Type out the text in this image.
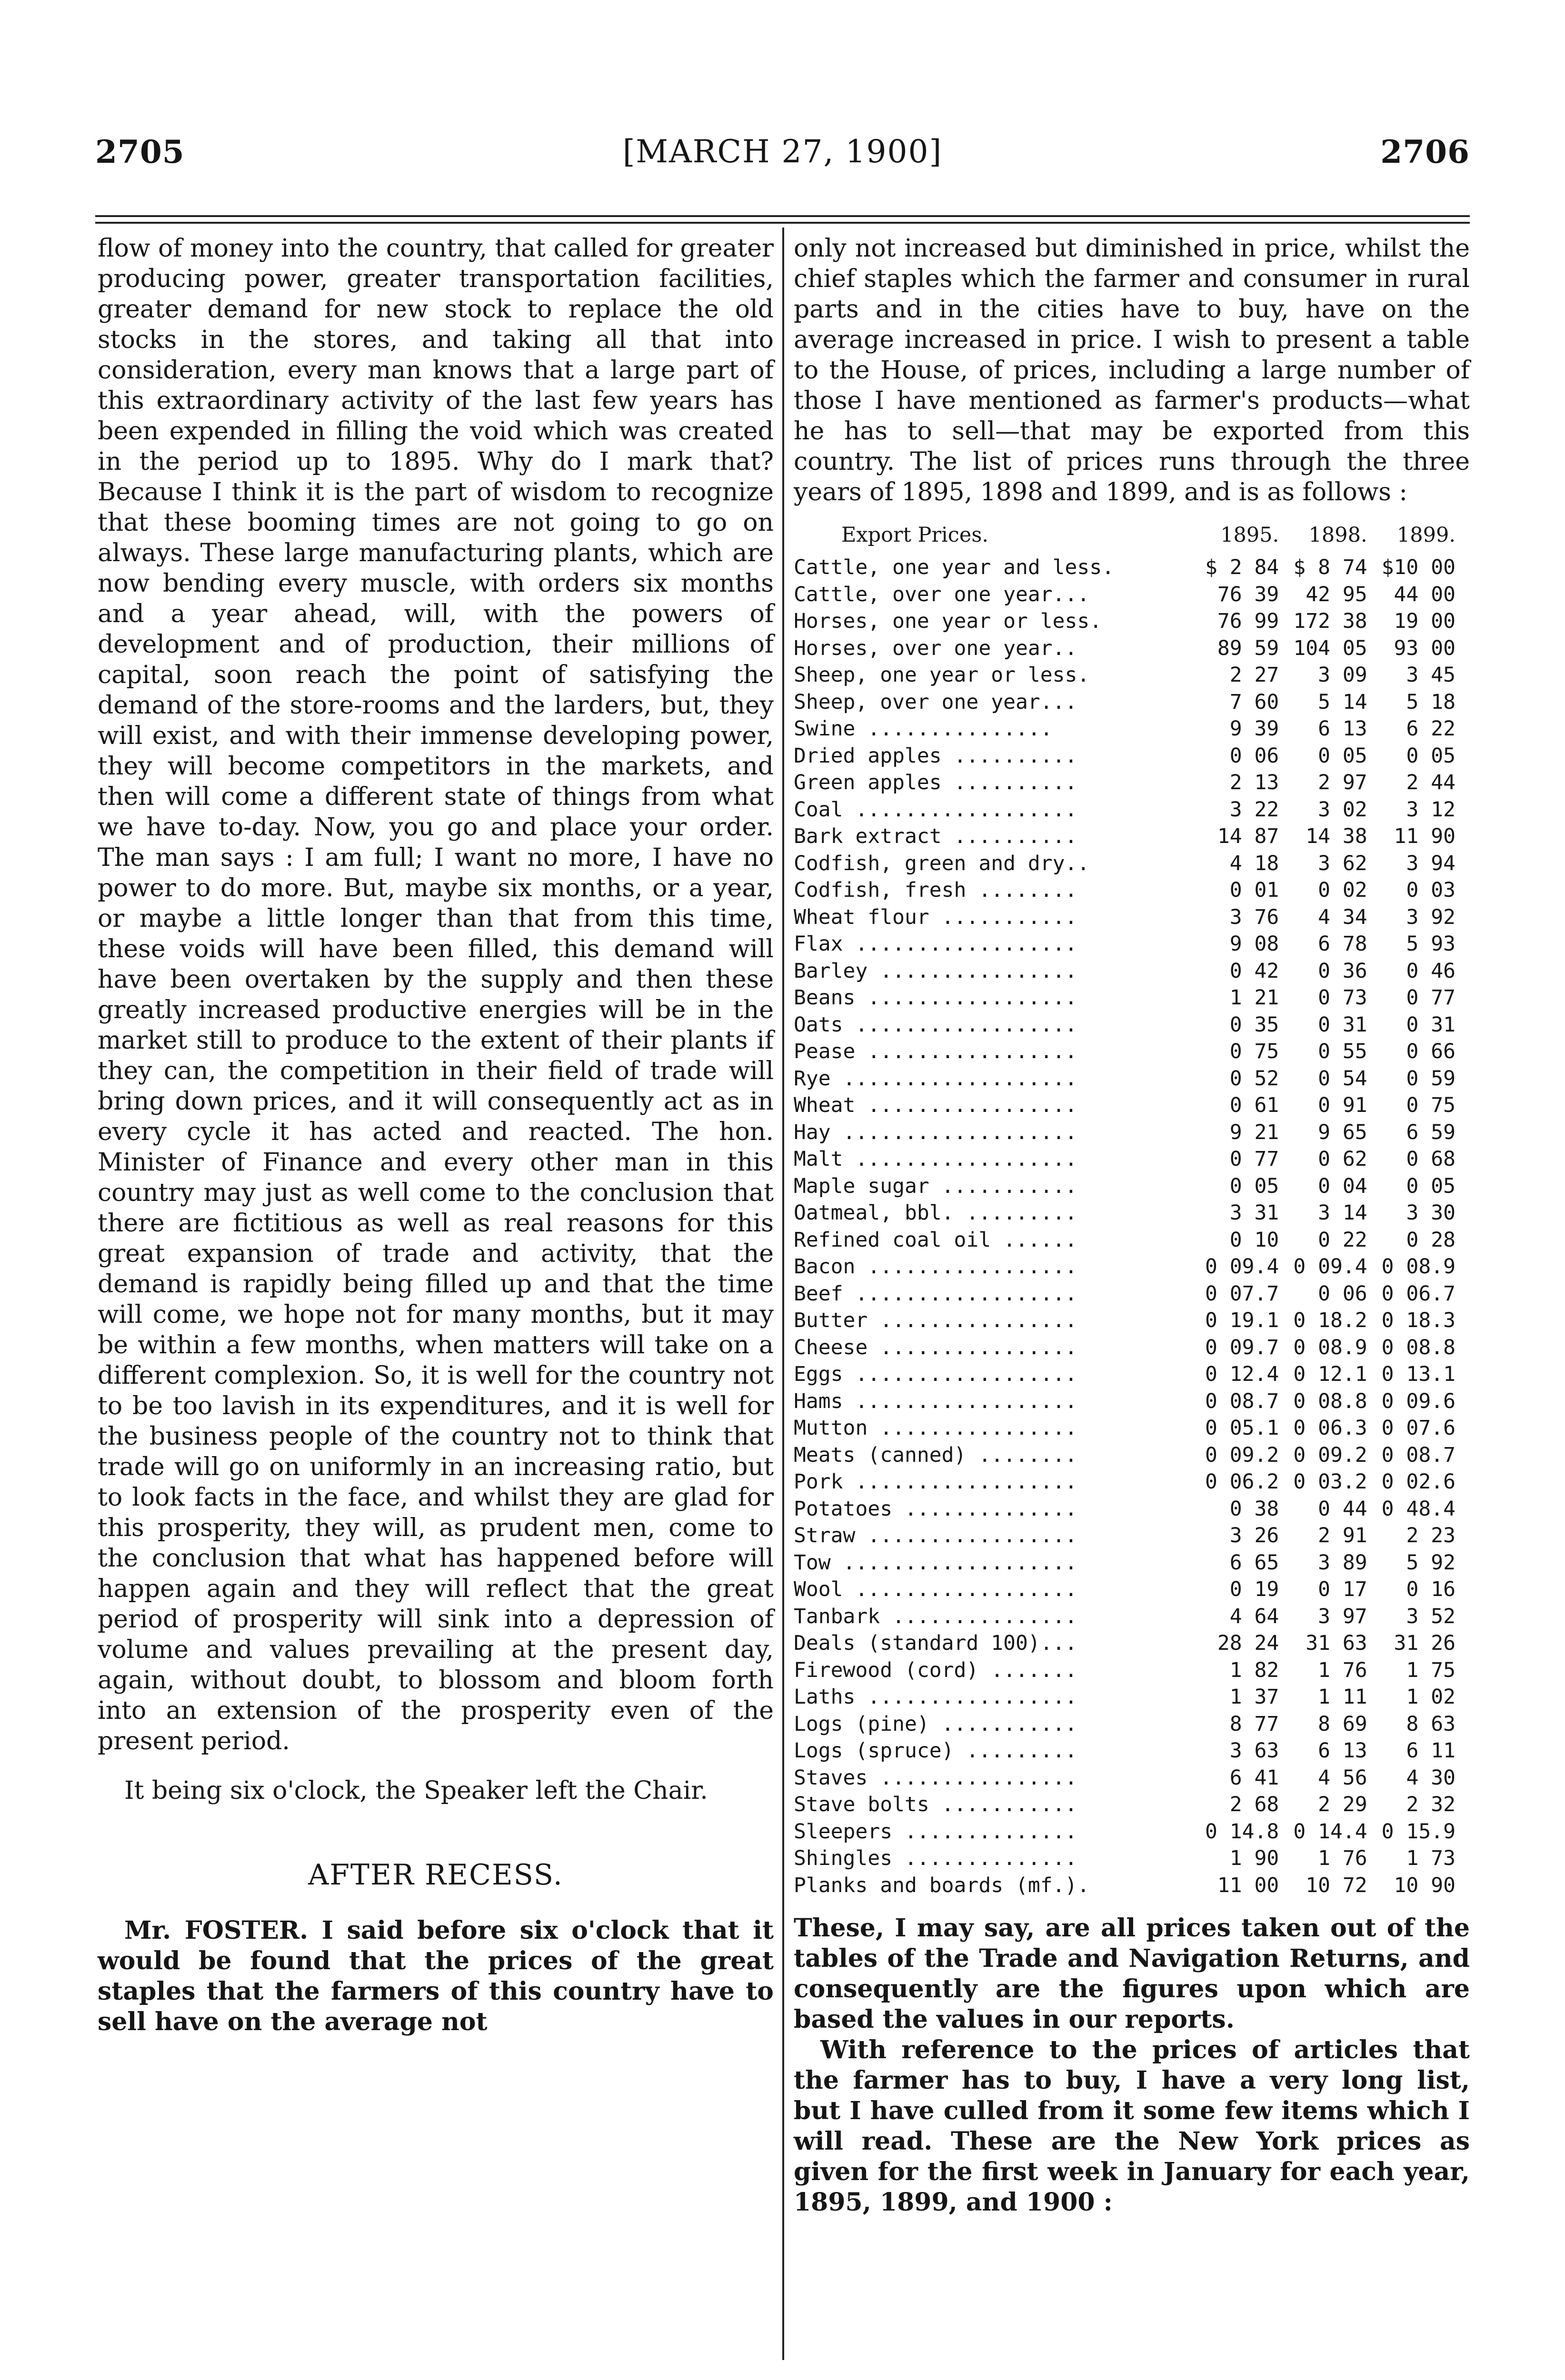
2705	[MARCH 27, 1900]	2706

flow of money into the country, that called for greater producing power, greater transportation facilities, greater demand for new stock to replace the old stocks in the stores, and taking all that into consideration, every man knows that a large part of this extraordinary activity of the last few years has been expended in filling the void which was created in the period up to 1895. Why do I mark that? Because I think it is the part of wisdom to recognize that these booming times are not going to go on always. These large manufacturing plants, which are now bending every muscle, with orders six months and a year ahead, will, with the powers of development and of production, their millions of capital, soon reach the point of satisfying the demand of the store-rooms and the larders, but, they will exist, and with their immense developing power, they will become competitors in the markets, and then will come a different state of things from what we have to-day. Now, you go and place your order. The man says : I am full; I want no more, I have no power to do more. But, maybe six months, or a year, or maybe a little longer than that from this time, these voids will have been filled, this demand will have been overtaken by the supply and then these greatly increased productive energies will be in the market still to produce to the extent of their plants if they can, the competition in their field of trade will bring down prices, and it will consequently act as in every cycle it has acted and reacted. The hon. Minister of Finance and every other man in this country may just as well come to the conclusion that there are fictitious as well as real reasons for this great expansion of trade and activity, that the demand is rapidly being filled up and that the time will come, we hope not for many months, but it may be within a few months, when matters will take on a different complexion. So, it is well for the country not to be too lavish in its expenditures, and it is well for the business people of the country not to think that trade will go on uniformly in an increasing ratio, but to look facts in the face, and whilst they are glad for this prosperity, they will, as prudent men, come to the conclusion that what has happened before will happen again and they will reflect that the great period of prosperity will sink into a depression of volume and values prevailing at the present day, again, without doubt, to blossom and bloom forth into an extension of the prosperity even of the present period.

It being six o'clock, the Speaker left the Chair.

AFTER RECESS.

Mr. FOSTER. I said before six o'clock that it would be found that the prices of the great staples that the farmers of this country have to sell have on the average not

only not increased but diminished in price, whilst the chief staples which the farmer and consumer in rural parts and in the cities have to buy, have on the average increased in price. I wish to present a table to the House, of prices, including a large number of those I have mentioned as farmer's products—what he has to sell—that may be exported from this country. The list of prices runs through the three years of 1895, 1898 and 1899, and is as follows :

Export Prices.	1895.	1898.	1899.
Cattle, one year and less.	$ 2 84	$ 8 74	$10 00
Cattle, over one year...	76 39	42 95	44 00
Horses, one year or less.	76 99	172 38	19 00
Horses, over one year..	89 59	104 05	93 00
Sheep, one year or less.	2 27	3 09	3 45
Sheep, over one year...	7 60	5 14	5 18
Swine ...............	9 39	6 13	6 22
Dried apples ..........	0 06	0 05	0 05
Green apples ..........	2 13	2 97	2 44
Coal ..................	3 22	3 02	3 12
Bark extract ..........	14 87	14 38	11 90
Codfish, green and dry..	4 18	3 62	3 94
Codfish, fresh ........	0 01	0 02	0 03
Wheat flour ...........	3 76	4 34	3 92
Flax ..................	9 08	6 78	5 93
Barley ................	0 42	0 36	0 46
Beans .................	1 21	0 73	0 77
Oats ..................	0 35	0 31	0 31
Pease .................	0 75	0 55	0 66
Rye ...................	0 52	0 54	0 59
Wheat .................	0 61	0 91	0 75
Hay ...................	9 21	9 65	6 59
Malt ..................	0 77	0 62	0 68
Maple sugar ...........	0 05	0 04	0 05
Oatmeal, bbl. .........	3 31	3 14	3 30
Refined coal oil ......	0 10	0 22	0 28
Bacon .................	0 09.4	0 09.4	0 08.9
Beef ..................	0 07.7	0 06	0 06.7
Butter ................	0 19.1	0 18.2	0 18.3
Cheese ................	0 09.7	0 08.9	0 08.8
Eggs ..................	0 12.4	0 12.1	0 13.1
Hams ..................	0 08.7	0 08.8	0 09.6
Mutton ................	0 05.1	0 06.3	0 07.6
Meats (canned) ........	0 09.2	0 09.2	0 08.7
Pork ..................	0 06.2	0 03.2	0 02.6
Potatoes ..............	0 38	0 44	0 48.4
Straw .................	3 26	2 91	2 23
Tow ...................	6 65	3 89	5 92
Wool ..................	0 19	0 17	0 16
Tanbark ...............	4 64	3 97	3 52
Deals (standard 100)...	28 24	31 63	31 26
Firewood (cord) .......	1 82	1 76	1 75
Laths .................	1 37	1 11	1 02
Logs (pine) ...........	8 77	8 69	8 63
Logs (spruce) .........	3 63	6 13	6 11
Staves ................	6 41	4 56	4 30
Stave bolts ...........	2 68	2 29	2 32
Sleepers ..............	0 14.8	0 14.4	0 15.9
Shingles ..............	1 90	1 76	1 73
Planks and boards (mf.).	11 00	10 72	10 90

These, I may say, are all prices taken out of the tables of the Trade and Navigation Returns, and consequently are the figures upon which are based the values in our reports.

With reference to the prices of articles that the farmer has to buy, I have a very long list, but I have culled from it some few items which I will read. These are the New York prices as given for the first week in January for each year, 1895, 1899, and 1900 :
